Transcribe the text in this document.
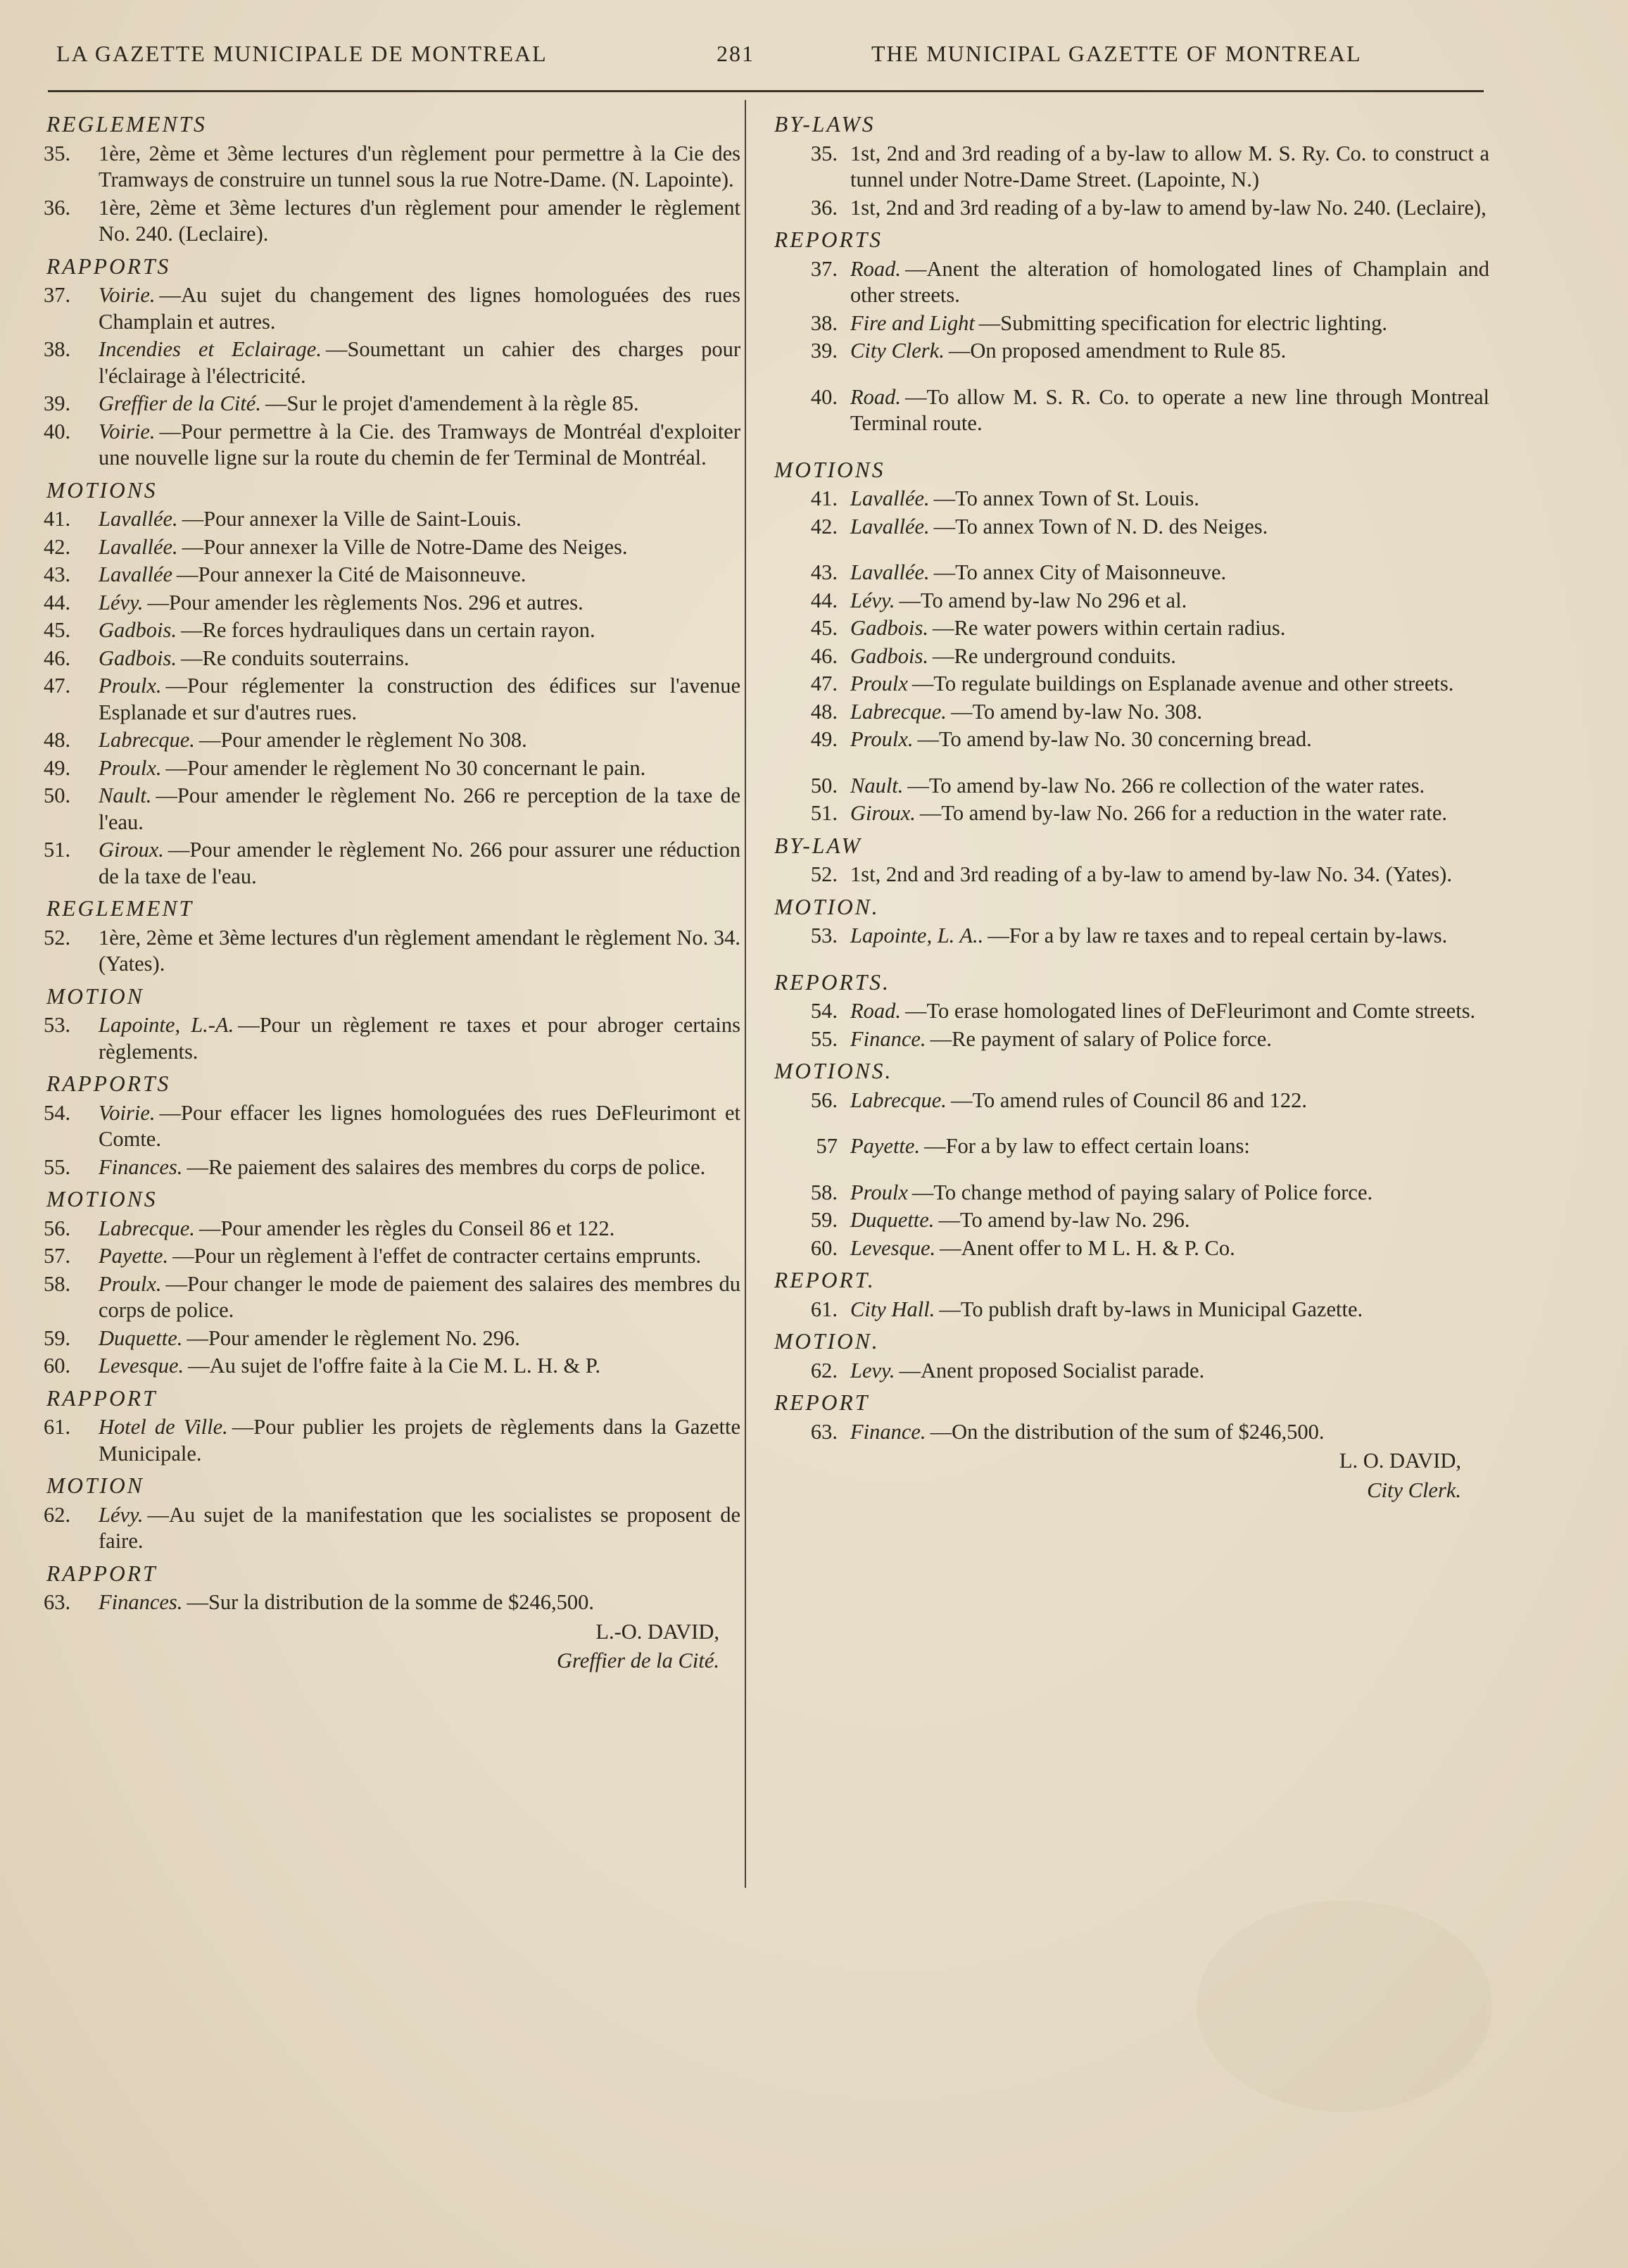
LA GAZETTE MUNICIPALE DE MONTREAL	281	THE MUNICIPAL GAZETTE OF MONTREAL
REGLEMENTS
35.	1ère, 2ème et 3ème lectures d'un règlement pour permettre à la Cie des Tramways de construire un tunnel sous la rue Notre-Dame. (N. Lapointe).
36.	1ère, 2ème et 3ème lectures d'un règlement pour amender le règlement No. 240. (Leclaire).
RAPPORTS
37.	Voirie. —Au sujet du changement des lignes homologuées des rues Champlain et autres.
38.	Incendies et Eclairage. —Soumettant un cahier des charges pour l'éclairage à l'électricité.
39.	Greffier de la Cité. —Sur le projet d'amendement à la règle 85.
40.	Voirie. —Pour permettre à la Cie. des Tramways de Montréal d'exploiter une nouvelle ligne sur la route du chemin de fer Terminal de Montréal.
MOTIONS
41.	Lavallée. —Pour annexer la Ville de Saint-Louis.
42.	Lavallée. —Pour annexer la Ville de Notre-Dame des Neiges.
43.	Lavallée —Pour annexer la Cité de Maisonneuve.
44.	Lévy. —Pour amender les règlements Nos. 296 et autres.
45.	Gadbois. —Re forces hydrauliques dans un certain rayon.
46.	Gadbois. —Re conduits souterrains.
47.	Proulx. —Pour réglementer la construction des édifices sur l'avenue Esplanade et sur d'autres rues.
48.	Labrecque. —Pour amender le règlement No 308.
49.	Proulx. —Pour amender le règlement No 30 concernant le pain.
50.	Nault. —Pour amender le règlement No. 266 re perception de la taxe de l'eau.
51.	Giroux. —Pour amender le règlement No. 266 pour assurer une réduction de la taxe de l'eau.
REGLEMENT
52.	1ère, 2ème et 3ème lectures d'un règlement amendant le règlement No. 34. (Yates).
MOTION
53.	Lapointe, L.-A. —Pour un règlement re taxes et pour abroger certains règlements.
RAPPORTS
54.	Voirie. —Pour effacer les lignes homologuées des rues DeFleurimont et Comte.
55.	Finances. —Re paiement des salaires des membres du corps de police.
MOTIONS
56.	Labrecque. —Pour amender les règles du Conseil 86 et 122.
57.	Payette. —Pour un règlement à l'effet de contracter certains emprunts.
58.	Proulx. —Pour changer le mode de paiement des salaires des membres du corps de police.
59.	Duquette. —Pour amender le règlement No. 296.
60.	Levesque. —Au sujet de l'offre faite à la Cie M. L. H. & P.
RAPPORT
61.	Hotel de Ville. —Pour publier les projets de règlements dans la Gazette Municipale.
MOTION
62.	Lévy. —Au sujet de la manifestation que les socialistes se proposent de faire.
RAPPORT
63.	Finances. —Sur la distribution de la somme de $246,500.
L.-O. DAVID,
Greffier de la Cité.
BY-LAWS
35. 1st, 2nd and 3rd reading of a by-law to allow M. S. Ry. Co. to construct a tunnel under Notre-Dame Street. (Lapointe, N.)
36. 1st, 2nd and 3rd reading of a by-law to amend by-law No. 240. (Leclaire),
REPORTS
37. Road. —Anent the alteration of homologated lines of Champlain and other streets.
38. Fire and Light —Submitting specification for electric lighting.
39. City Clerk. —On proposed amendment to Rule 85.
40. Road. —To allow M. S. R. Co. to operate a new line through Montreal Terminal route.
MOTIONS
41. Lavallée. —To annex Town of St. Louis.
42. Lavallée. —To annex Town of N. D. des Neiges.
43. Lavallée. —To annex City of Maisonneuve.
44. Lévy. —To amend by-law No 296 et al.
45. Gadbois. —Re water powers within certain radius.
46. Gadbois. —Re underground conduits.
47. Proulx —To regulate buildings on Esplanade avenue and other streets.
48. Labrecque. —To amend by-law No. 308.
49. Proulx. —To amend by-law No. 30 concerning bread.
50. Nault. —To amend by-law No. 266 re collection of the water rates.
51. Giroux. —To amend by-law No. 266 for a reduction in the water rate.
BY-LAW
52. 1st, 2nd and 3rd reading of a by-law to amend by-law No. 34. (Yates).
MOTION.
53. Lapointe, L. A.. —For a by law re taxes and to repeal certain by-laws.
REPORTS.
54. Road. —To erase homologated lines of DeFleurimont and Comte streets.
55. Finance. —Re payment of salary of Police force.
MOTIONS.
56. Labrecque. —To amend rules of Council 86 and 122.
57 Payette. —For a by law to effect certain loans:
58. Proulx —To change method of paying salary of Police force.
59. Duquette. —To amend by-law No. 296.
60. Levesque. —Anent offer to M L. H. & P. Co.
REPORT.
61. City Hall. —To publish draft by-laws in Municipal Gazette.
MOTION.
62. Levy. —Anent proposed Socialist parade.
REPORT
63. Finance. —On the distribution of the sum of $246,500.
L. O. DAVID,
City Clerk.
